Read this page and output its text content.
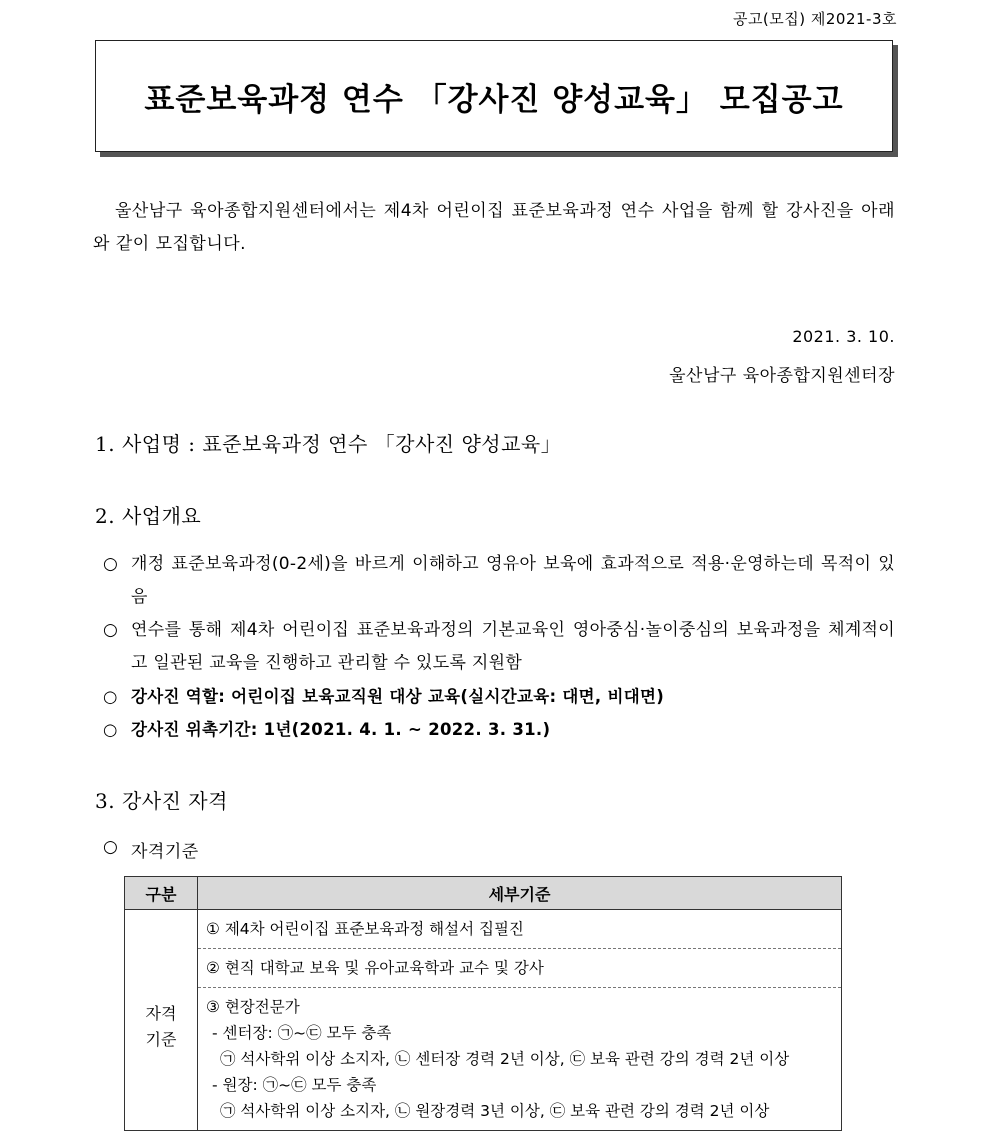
공고(모집) 제2021-3호
표준보육과정 연수 「강사진 양성교육」 모집공고

울산남구 육아종합지원센터에서는 제4차 어린이집 표준보육과정 연수 사업을 함께 할 강사진을 아래와 같이 모집합니다.

2021. 3. 10.
울산남구 육아종합지원센터장
1. 사업명 : 표준보육과정 연수 「강사진 양성교육」
2. 사업개요
○ 개정 표준보육과정(0-2세)을 바르게 이해하고 영유아 보육에 효과적으로 적용·운영하는데 목적이 있음
○ 연수를 통해 제4차 어린이집 표준보육과정의 기본교육인 영아중심·놀이중심의 보육과정을 체계적이고 일관된 교육을 진행하고 관리할 수 있도록 지원함
○ 강사진 역할: 어린이집 보육교직원 대상 교육(실시간교육: 대면, 비대면)
○ 강사진 위촉기간: 1년(2021. 4. 1. ~ 2022. 3. 31.)
3. 강사진 자격
○ 자격기준
구분	세부기준

자격
기준	① 제4차 어린이집 표준보육과정 해설서 집필진

	② 현직 대학교 보육 및 유아교육학과 교수 및 강사

	③ 현장전문가
- 센터장: ㉠~㉢ 모두 충족
㉠ 석사학위 이상 소지자, ㉡ 센터장 경력 2년 이상, ㉢ 보육 관련 강의 경력 2년 이상
- 원장: ㉠~㉢ 모두 충족
㉠ 석사학위 이상 소지자, ㉡ 원장경력 3년 이상, ㉢ 보육 관련 강의 경력 2년 이상
